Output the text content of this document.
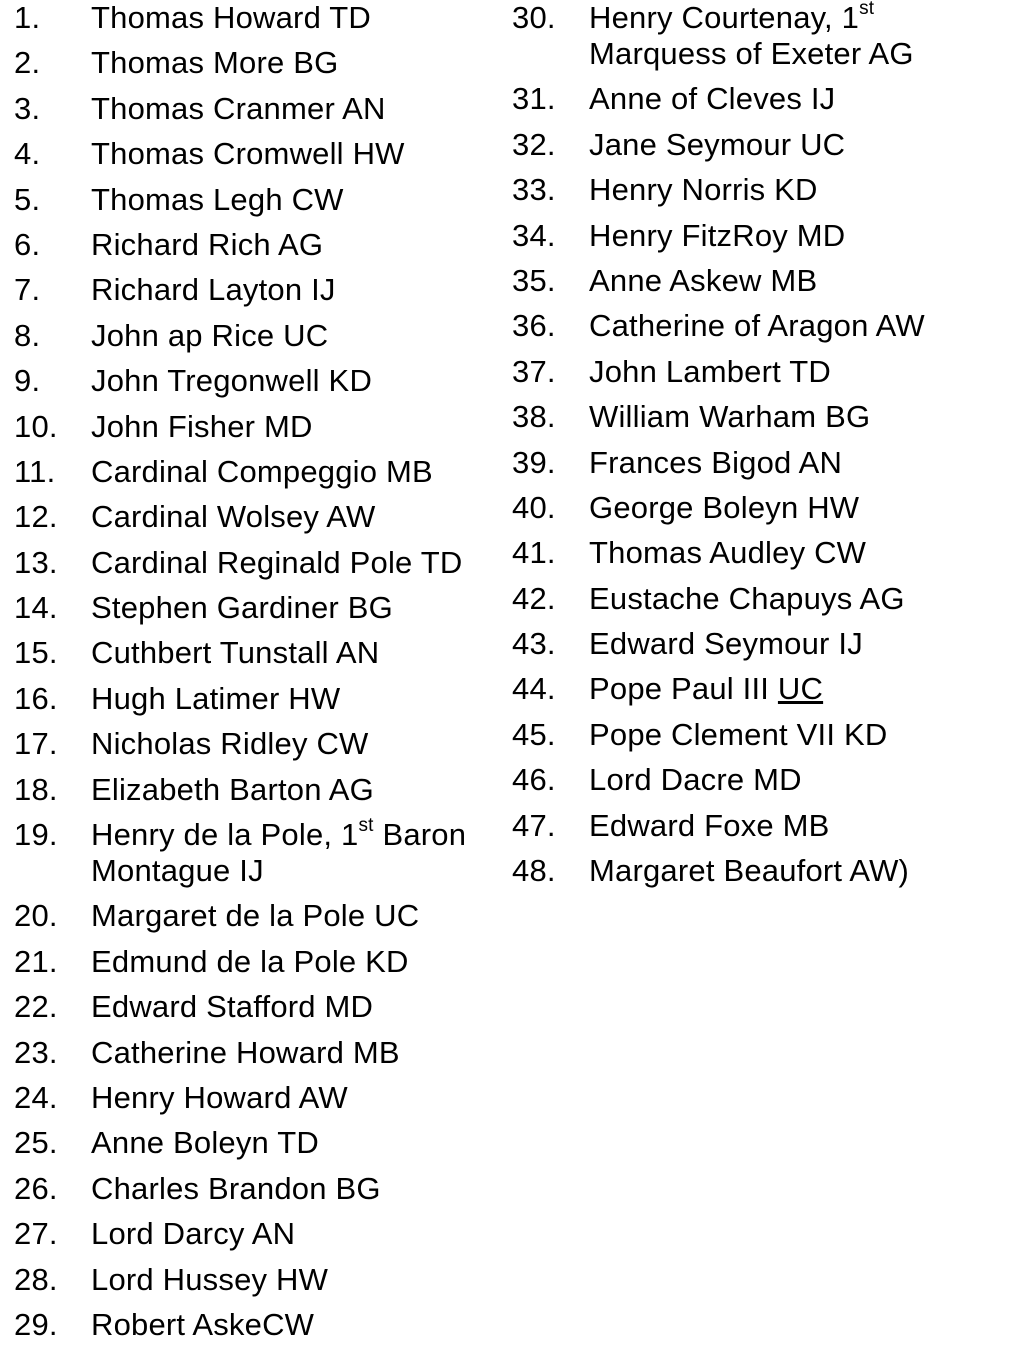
1.	Thomas Howard TD
2.	Thomas More BG
3.	Thomas Cranmer AN
4.	Thomas Cromwell HW
5.	Thomas Legh CW
6.	Richard Rich AG
7.	Richard Layton IJ
8.	John ap Rice UC
9.	John Tregonwell KD
10.	John Fisher MD
11.	Cardinal Compeggio MB
12.	Cardinal Wolsey AW
13.	Cardinal Reginald Pole TD
14.	Stephen Gardiner BG
15.	Cuthbert Tunstall AN
16.	Hugh Latimer HW
17.	Nicholas Ridley CW
18.	Elizabeth Barton AG
19.	Henry de la Pole, 1st Baron Montague IJ
20.	Margaret de la Pole UC
21.	Edmund de la Pole KD
22.	Edward Stafford MD
23.	Catherine Howard MB
24.	Henry Howard AW
25.	Anne Boleyn TD
26.	Charles Brandon BG
27.	Lord Darcy AN
28.	Lord Hussey HW
29.	Robert AskeCW
30.	Henry Courtenay, 1st Marquess of Exeter AG
31.	Anne of Cleves IJ
32.	Jane Seymour UC
33.	Henry Norris KD
34.	Henry FitzRoy MD
35.	Anne Askew MB
36.	Catherine of Aragon AW
37.	John Lambert TD
38.	William Warham BG
39.	Frances Bigod AN
40.	George Boleyn HW
41.	Thomas Audley CW
42.	Eustache Chapuys AG
43.	Edward Seymour IJ
44.	Pope Paul III UC
45.	Pope Clement VII KD
46.	Lord Dacre MD
47.	Edward Foxe MB
48.	Margaret Beaufort AW)
